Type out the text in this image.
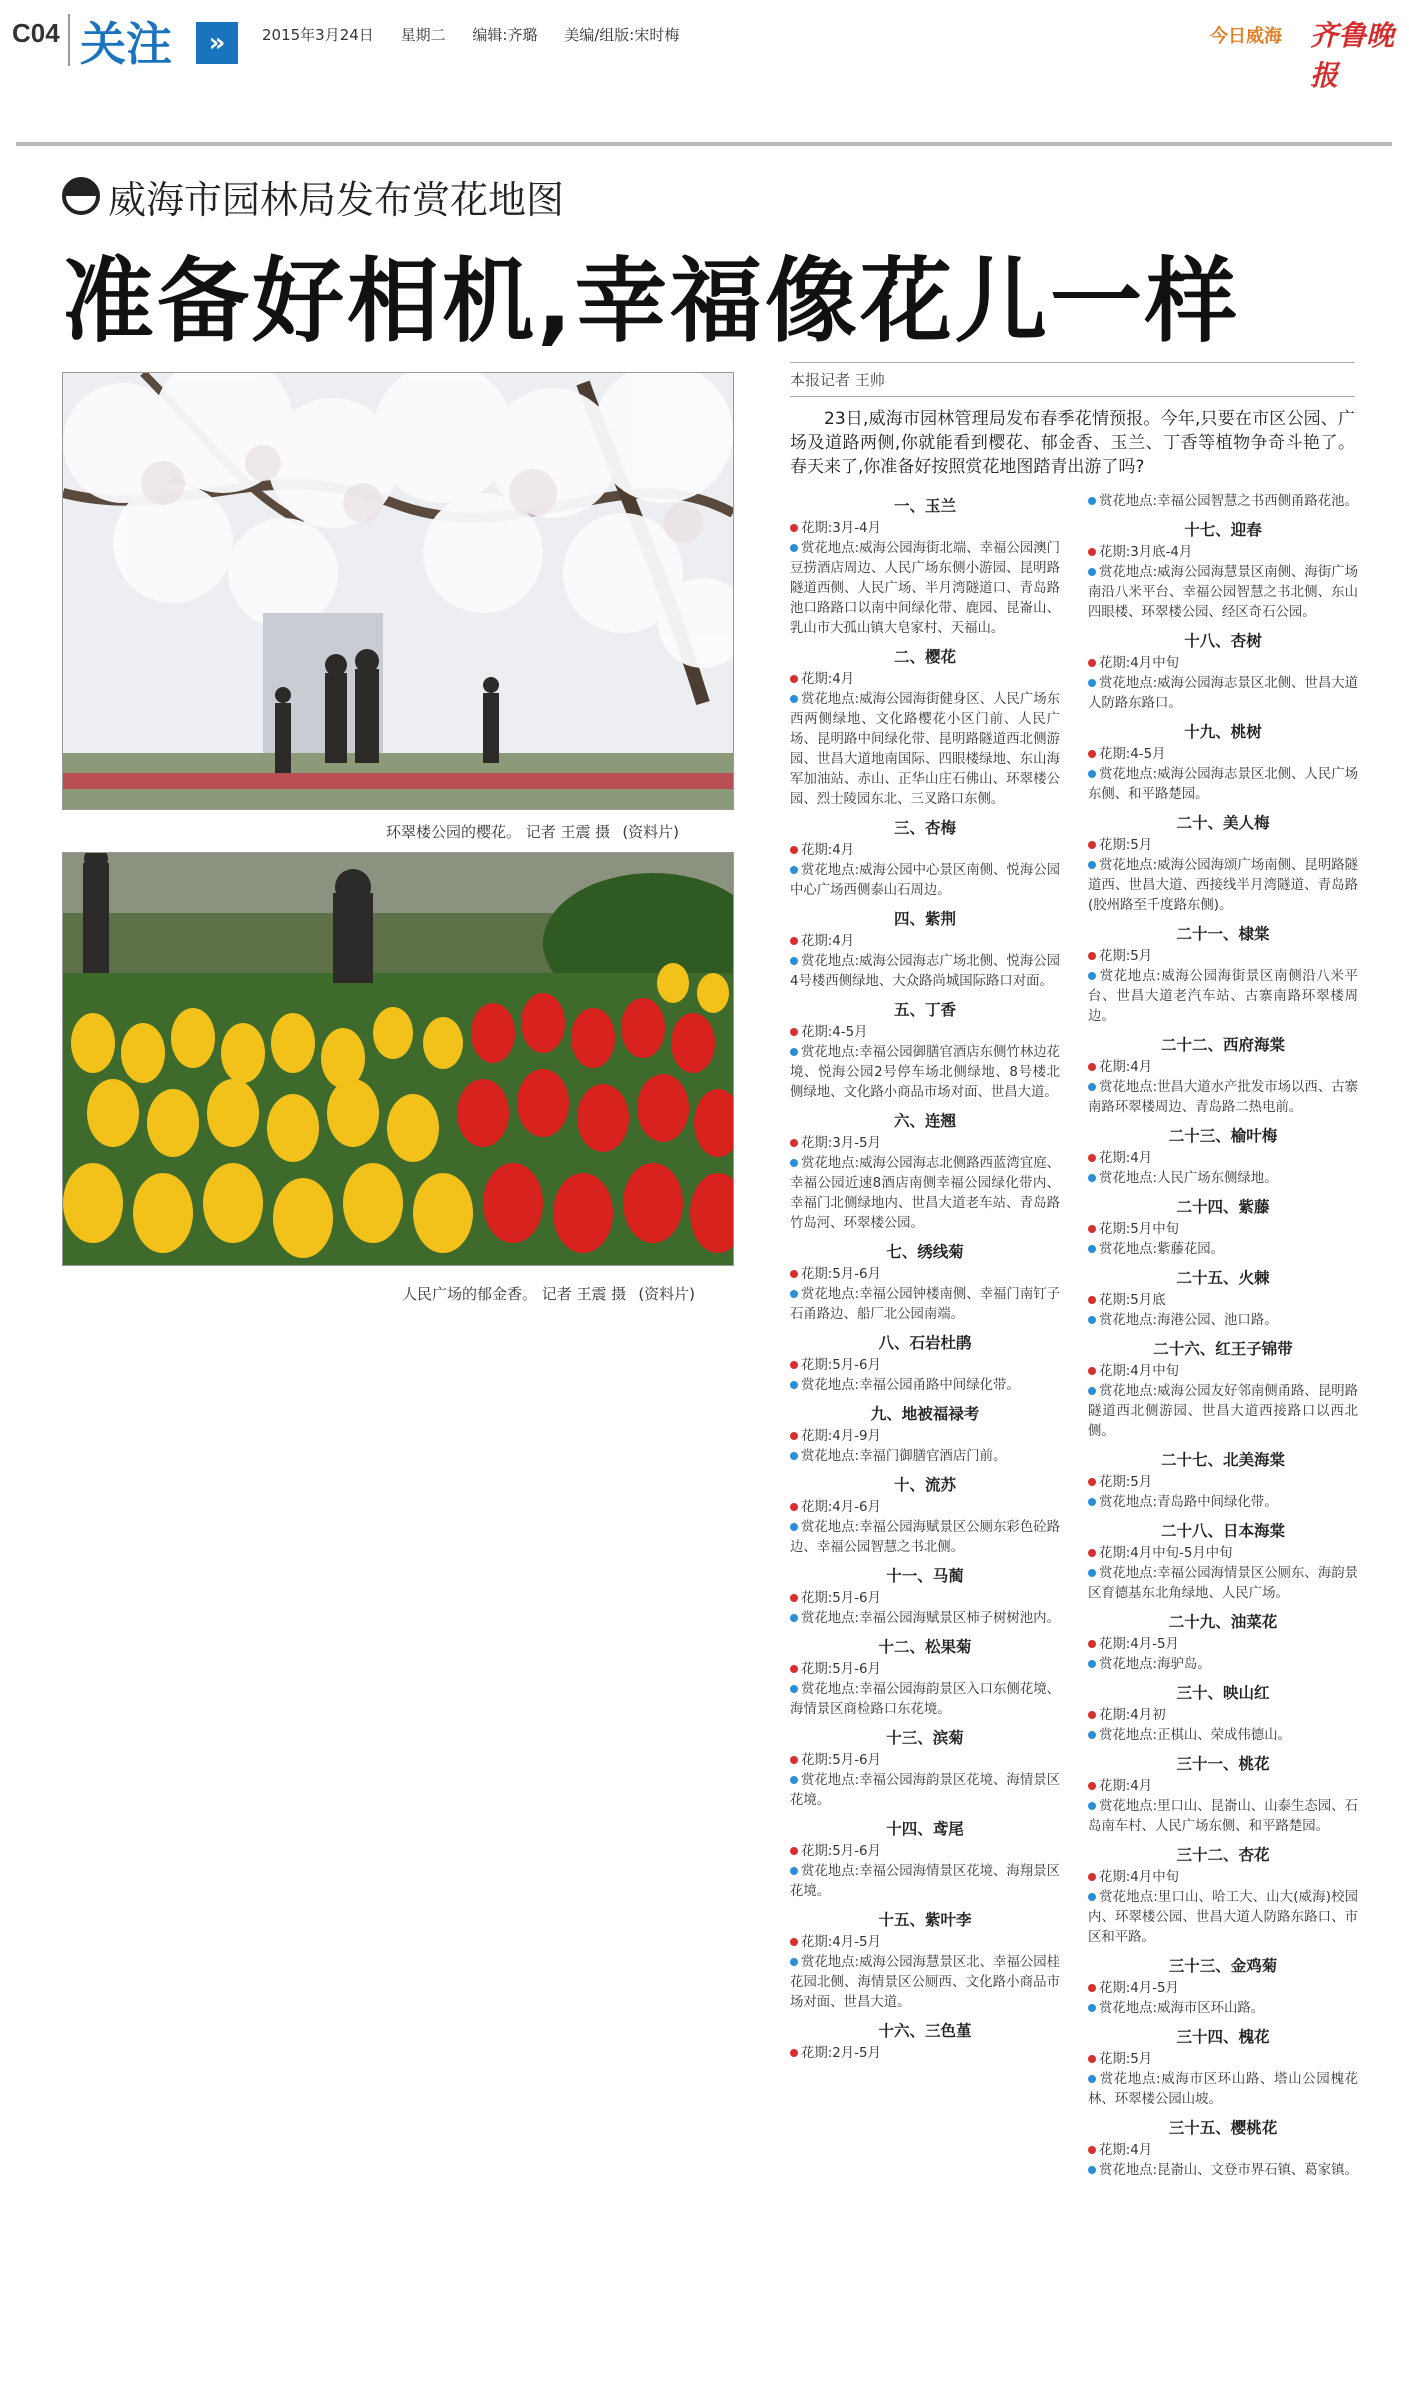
C04 关注	»	2015年3月24日 星期二 编辑:齐璐 美编/组版:宋时梅	今日威海 齐鲁晚报
威海市园林局发布赏花地图
准备好相机,幸福像花儿一样
环翠楼公园的樱花。 记者 王震 摄 (资料片)
人民广场的郁金香。 记者 王震 摄 (资料片)
本报记者 王帅
23日,威海市园林管理局发布春季花情预报。今年,只要在市区公园、广场及道路两侧,你就能看到樱花、郁金香、玉兰、丁香等植物争奇斗艳了。春天来了,你准备好按照赏花地图踏青出游了吗?
一、玉兰
花期:3月-4月
赏花地点:威海公园海街北端、幸福公园澳门豆捞酒店周边、人民广场东侧小游园、昆明路隧道西侧、人民广场、半月湾隧道口、青岛路池口路路口以南中间绿化带、鹿园、昆崙山、乳山市大孤山镇大皂家村、天福山。
二、樱花
花期:4月
赏花地点:威海公园海街健身区、人民广场东西两侧绿地、文化路樱花小区门前、人民广场、昆明路中间绿化带、昆明路隧道西北侧游园、世昌大道地南国际、四眼楼绿地、东山海军加油站、赤山、正华山庄石佛山、环翠楼公园、烈士陵园东北、三叉路口东侧。
三、杏梅
花期:4月
赏花地点:威海公园中心景区南侧、悦海公园中心广场西侧泰山石周边。
四、紫荆
花期:4月
赏花地点:威海公园海志广场北侧、悦海公园4号楼西侧绿地、大众路尚城国际路口对面。
五、丁香
花期:4-5月
赏花地点:幸福公园御膳官酒店东侧竹林边花境、悦海公园2号停车场北侧绿地、8号楼北侧绿地、文化路小商品市场对面、世昌大道。
六、连翘
花期:3月-5月
赏花地点:威海公园海志北侧路西蓝湾宜庭、幸福公园近速8酒店南侧幸福公园绿化带内、幸福门北侧绿地内、世昌大道老车站、青岛路竹岛河、环翠楼公园。
七、绣线菊
花期:5月-6月
赏花地点:幸福公园钟楼南侧、幸福门南钉子石甬路边、船厂北公园南端。
八、石岩杜鹃
花期:5月-6月
赏花地点:幸福公园甬路中间绿化带。
九、地被福禄考
花期:4月-9月
赏花地点:幸福门御膳官酒店门前。
十、流苏
花期:4月-6月
赏花地点:幸福公园海赋景区公厕东彩色砼路边、幸福公园智慧之书北侧。
十一、马蔺
花期:5月-6月
赏花地点:幸福公园海赋景区柿子树树池内。
十二、松果菊
花期:5月-6月
赏花地点:幸福公园海韵景区入口东侧花境、海情景区商检路口东花境。
十三、滨菊
花期:5月-6月
赏花地点:幸福公园海韵景区花境、海情景区花境。
十四、鸢尾
花期:5月-6月
赏花地点:幸福公园海情景区花境、海翔景区花境。
十五、紫叶李
花期:4月-5月
赏花地点:威海公园海慧景区北、幸福公园桂花园北侧、海情景区公厕西、文化路小商品市场对面、世昌大道。
十六、三色堇
花期:2月-5月
赏花地点:幸福公园智慧之书西侧甬路花池。
十七、迎春
花期:3月底-4月
赏花地点:威海公园海慧景区南侧、海街广场南沿八米平台、幸福公园智慧之书北侧、东山四眼楼、环翠楼公园、经区奇石公园。
十八、杏树
花期:4月中旬
赏花地点:威海公园海志景区北侧、世昌大道人防路东路口。
十九、桃树
花期:4-5月
赏花地点:威海公园海志景区北侧、人民广场东侧、和平路楚园。
二十、美人梅
花期:5月
赏花地点:威海公园海颂广场南侧、昆明路隧道西、世昌大道、西接线半月湾隧道、青岛路(胶州路至千度路东侧)。
二十一、棣棠
花期:5月
赏花地点:威海公园海街景区南侧沿八米平台、世昌大道老汽车站、古寨南路环翠楼周边。
二十二、西府海棠
花期:4月
赏花地点:世昌大道水产批发市场以西、古寨南路环翠楼周边、青岛路二热电前。
二十三、榆叶梅
花期:4月
赏花地点:人民广场东侧绿地。
二十四、紫藤
花期:5月中旬
赏花地点:紫藤花园。
二十五、火棘
花期:5月底
赏花地点:海港公园、池口路。
二十六、红王子锦带
花期:4月中旬
赏花地点:威海公园友好邻南侧甬路、昆明路隧道西北侧游园、世昌大道西接路口以西北侧。
二十七、北美海棠
花期:5月
赏花地点:青岛路中间绿化带。
二十八、日本海棠
花期:4月中旬-5月中旬
赏花地点:幸福公园海情景区公厕东、海韵景区育德基东北角绿地、人民广场。
二十九、油菜花
花期:4月-5月
赏花地点:海驴岛。
三十、映山红
花期:4月初
赏花地点:正棋山、荣成伟德山。
三十一、桃花
花期:4月
赏花地点:里口山、昆嵛山、山泰生态园、石岛南车村、人民广场东侧、和平路楚园。
三十二、杏花
花期:4月中旬
赏花地点:里口山、哈工大、山大(威海)校园内、环翠楼公园、世昌大道人防路东路口、市区和平路。
三十三、金鸡菊
花期:4月-5月
赏花地点:威海市区环山路。
三十四、槐花
花期:5月
赏花地点:威海市区环山路、塔山公园槐花林、环翠楼公园山坡。
三十五、樱桃花
花期:4月
赏花地点:昆嵛山、文登市界石镇、葛家镇。
